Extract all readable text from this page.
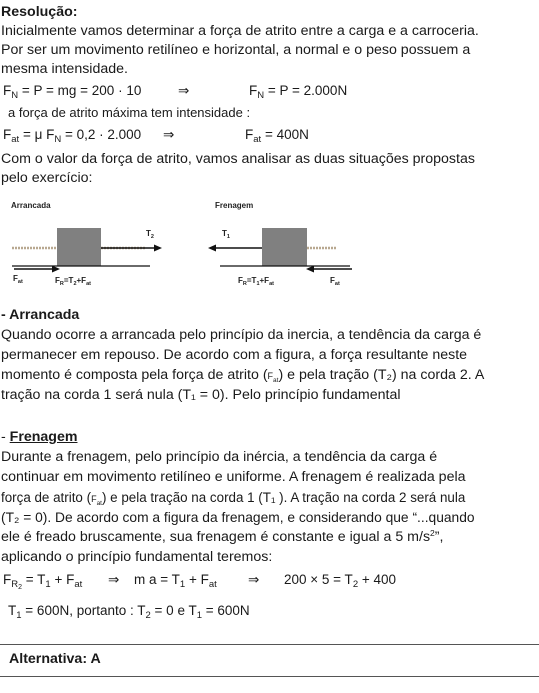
Resolução:
Inicialmente vamos determinar a força de atrito entre a carga e a carroceria.
Por ser um movimento retilíneo e horizontal, a normal e o peso possuem a
mesma intensidade.
$F_N = P$ = mg = 200 · 10	⇒	$F_N = P = 2.000N$
a força de atrito máxima tem intensidade :
$F_{at} = \mu$ $F_N = 0,2 \cdot 2.000$ ⇒	$F_{at} = 400N$
Com o valor da força de atrito, vamos analisar as duas situações propostas
pelo exercício:
Arrancada	Frenagem
$T_2$
$F_{at}$	$F_R=T_2+F_{at}$
$T_1$
$F_{at}$
$F_R=T_1+F_{at}$
- Arrancada
Quando ocorre a arrancada pelo princípio da inercia, a tendência da carga é
permanecer em repouso. De acordo com a figura, a força resultante neste
momento é composta pela força de atrito $(F_{at})$ e pela tração (T₂) na corda 2. A
tração na corda 1 será nula (T₁ = 0). Pelo princípio fundamental
- Frenagem
Durante a frenagem, pelo princípio da inércia, a tendência da carga é
continuar em movimento retilíneo e uniforme. A frenagem é realizada pela
força de atrito $(F_{at})$ e pela tração na corda 1 (T₁ ). A tração na corda 2 será nula
(T₂ = 0). De acordo com a figura da frenagem, e considerando que “...quando
ele é freado bruscamente, sua frenagem é constante e igual a 5 $m/s^2$”,
aplicando o princípio fundamental teremos:
$F_{R2} = T_1 + F_{at}$ ⇒ m $a = T_1 + F_{at}$ ⇒ $200 \times 5 = T_2 + 400$
$T_1 = 600N$, portanto : $T_2 = 0$ e $T_1 = 600N$
Alternativa: A
